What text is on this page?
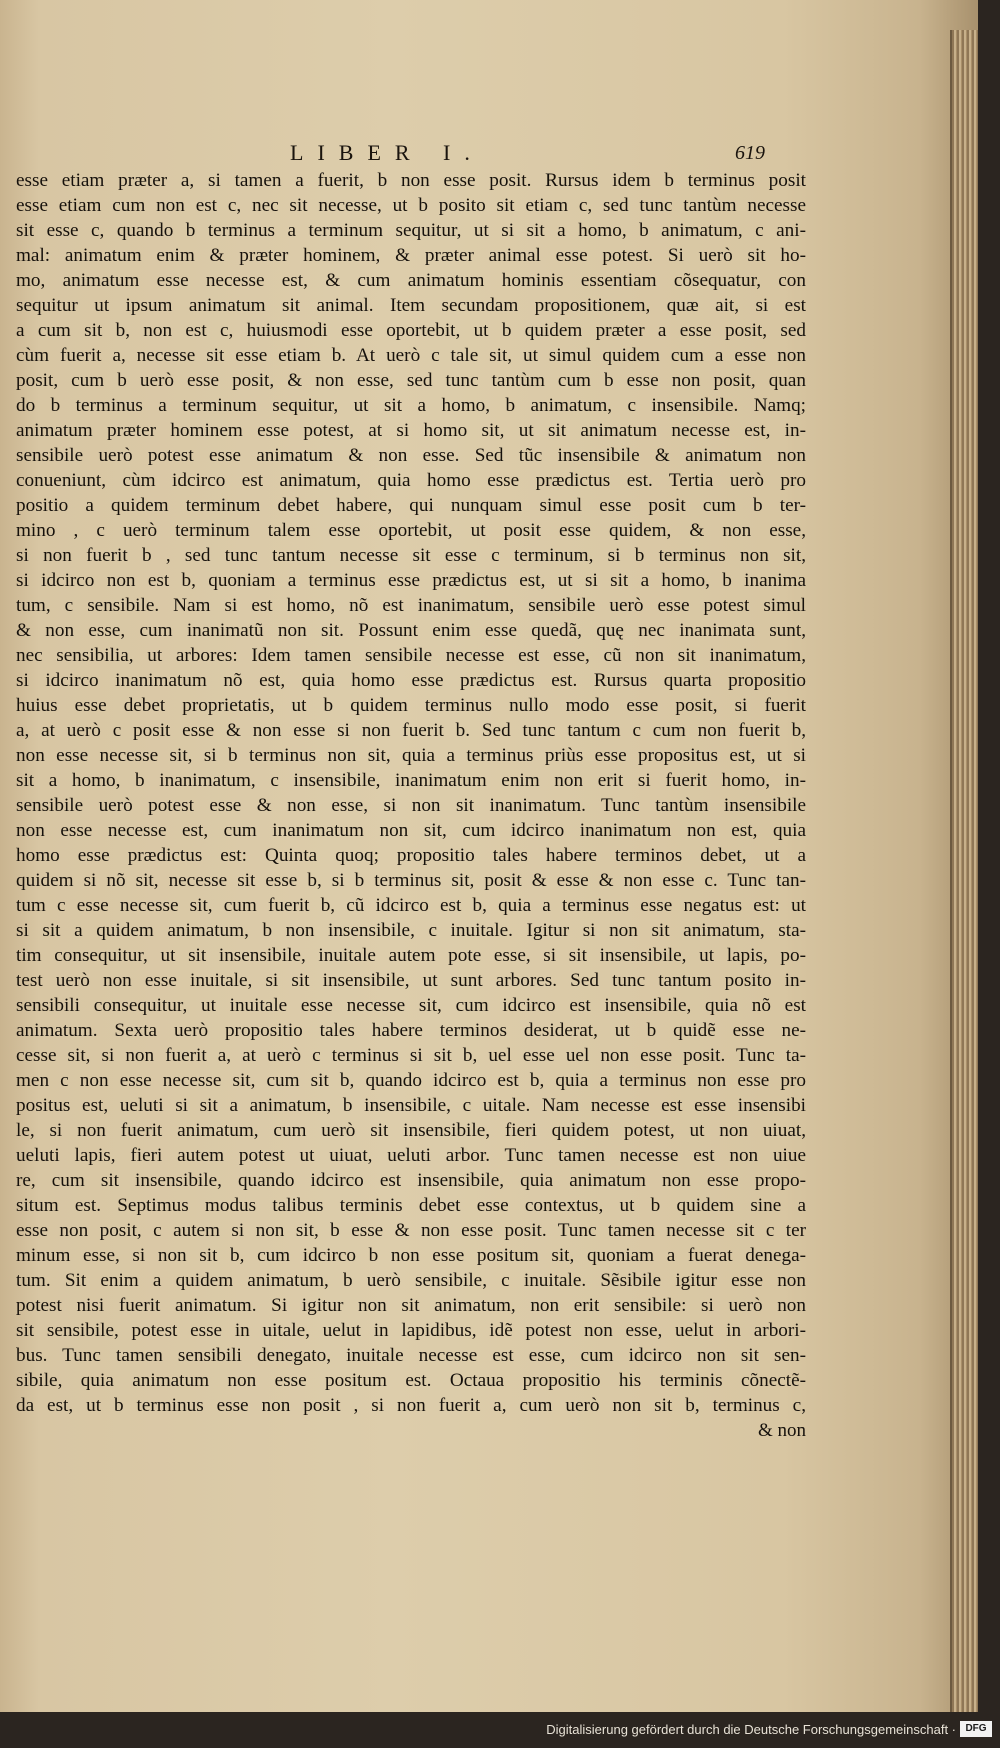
LIBER I.	619
esse etiam præter a, si tamen a fuerit, b non esse posit. Rursus idem b terminus posit
esse etiam cum non est c, nec sit necesse, ut b posito sit etiam c, sed tunc tantùm necesse
sit esse c, quando b terminus a terminum sequitur, ut si sit a homo, b animatum, c ani-
mal: animatum enim & præter hominem, & præter animal esse potest. Si uerò sit ho-
mo, animatum esse necesse est, & cum animatum hominis essentiam cõsequatur, con
sequitur ut ipsum animatum sit animal. Item secundam propositionem, quæ ait, si est
a cum sit b, non est c, huiusmodi esse oportebit, ut b quidem præter a esse posit, sed
cùm fuerit a, necesse sit esse etiam b. At uerò c tale sit, ut simul quidem cum a esse non
posit, cum b uerò esse posit, & non esse, sed tunc tantùm cum b esse non posit, quan
do b terminus a terminum sequitur, ut sit a homo, b animatum, c insensibile. Namq;
animatum præter hominem esse potest, at si homo sit, ut sit animatum necesse est, in-
sensibile uerò potest esse animatum & non esse. Sed tũc insensibile & animatum non
conueniunt, cùm idcirco est animatum, quia homo esse prædictus est. Tertia uerò pro
positio a quidem terminum debet habere, qui nunquam simul esse posit cum b ter-
mino , c uerò terminum talem esse oportebit, ut posit esse quidem, & non esse,
si non fuerit b , sed tunc tantum necesse sit esse c terminum, si b terminus non sit,
si idcirco non est b, quoniam a terminus esse prædictus est, ut si sit a homo, b inanima
tum, c sensibile. Nam si est homo, nõ est inanimatum, sensibile uerò esse potest simul
& non esse, cum inanimatũ non sit. Possunt enim esse quedã, quę nec inanimata sunt,
nec sensibilia, ut arbores: Idem tamen sensibile necesse est esse, cũ non sit inanimatum,
si idcirco inanimatum nõ est, quia homo esse prædictus est. Rursus quarta propositio
huius esse debet proprietatis, ut b quidem terminus nullo modo esse posit, si fuerit
a, at uerò c posit esse & non esse si non fuerit b. Sed tunc tantum c cum non fuerit b,
non esse necesse sit, si b terminus non sit, quia a terminus priùs esse propositus est, ut si
sit a homo, b inanimatum, c insensibile, inanimatum enim non erit si fuerit homo, in-
sensibile uerò potest esse & non esse, si non sit inanimatum. Tunc tantùm insensibile
non esse necesse est, cum inanimatum non sit, cum idcirco inanimatum non est, quia
homo esse prædictus est: Quinta quoq; propositio tales habere terminos debet, ut a
quidem si nõ sit, necesse sit esse b, si b terminus sit, posit & esse & non esse c. Tunc tan-
tum c esse necesse sit, cum fuerit b, cũ idcirco est b, quia a terminus esse negatus est: ut
si sit a quidem animatum, b non insensibile, c inuitale. Igitur si non sit animatum, sta-
tim consequitur, ut sit insensibile, inuitale autem pote esse, si sit insensibile, ut lapis, po-
test uerò non esse inuitale, si sit insensibile, ut sunt arbores. Sed tunc tantum posito in-
sensibili consequitur, ut inuitale esse necesse sit, cum idcirco est insensibile, quia nõ est
animatum. Sexta uerò propositio tales habere terminos desiderat, ut b quidẽ esse ne-
cesse sit, si non fuerit a, at uerò c terminus si sit b, uel esse uel non esse posit. Tunc ta-
men c non esse necesse sit, cum sit b, quando idcirco est b, quia a terminus non esse pro
positus est, ueluti si sit a animatum, b insensibile, c uitale. Nam necesse est esse insensibi
le, si non fuerit animatum, cum uerò sit insensibile, fieri quidem potest, ut non uiuat,
ueluti lapis, fieri autem potest ut uiuat, ueluti arbor. Tunc tamen necesse est non uiue
re, cum sit insensibile, quando idcirco est insensibile, quia animatum non esse propo-
situm est. Septimus modus talibus terminis debet esse contextus, ut b quidem sine a
esse non posit, c autem si non sit, b esse & non esse posit. Tunc tamen necesse sit c ter
minum esse, si non sit b, cum idcirco b non esse positum sit, quoniam a fuerat denega-
tum. Sit enim a quidem animatum, b uerò sensibile, c inuitale. Sẽsibile igitur esse non
potest nisi fuerit animatum. Si igitur non sit animatum, non erit sensibile: si uerò non
sit sensibile, potest esse in uitale, uelut in lapidibus, idẽ potest non esse, uelut in arbori-
bus. Tunc tamen sensibili denegato, inuitale necesse est esse, cum idcirco non sit sen-
sibile, quia animatum non esse positum est. Octaua propositio his terminis cõnectẽ-
da est, ut b terminus esse non posit , si non fuerit a, cum uerò non sit b, terminus c,
& non
Digitalisierung gefördert durch die Deutsche Forschungsgemeinschaft · DFG
